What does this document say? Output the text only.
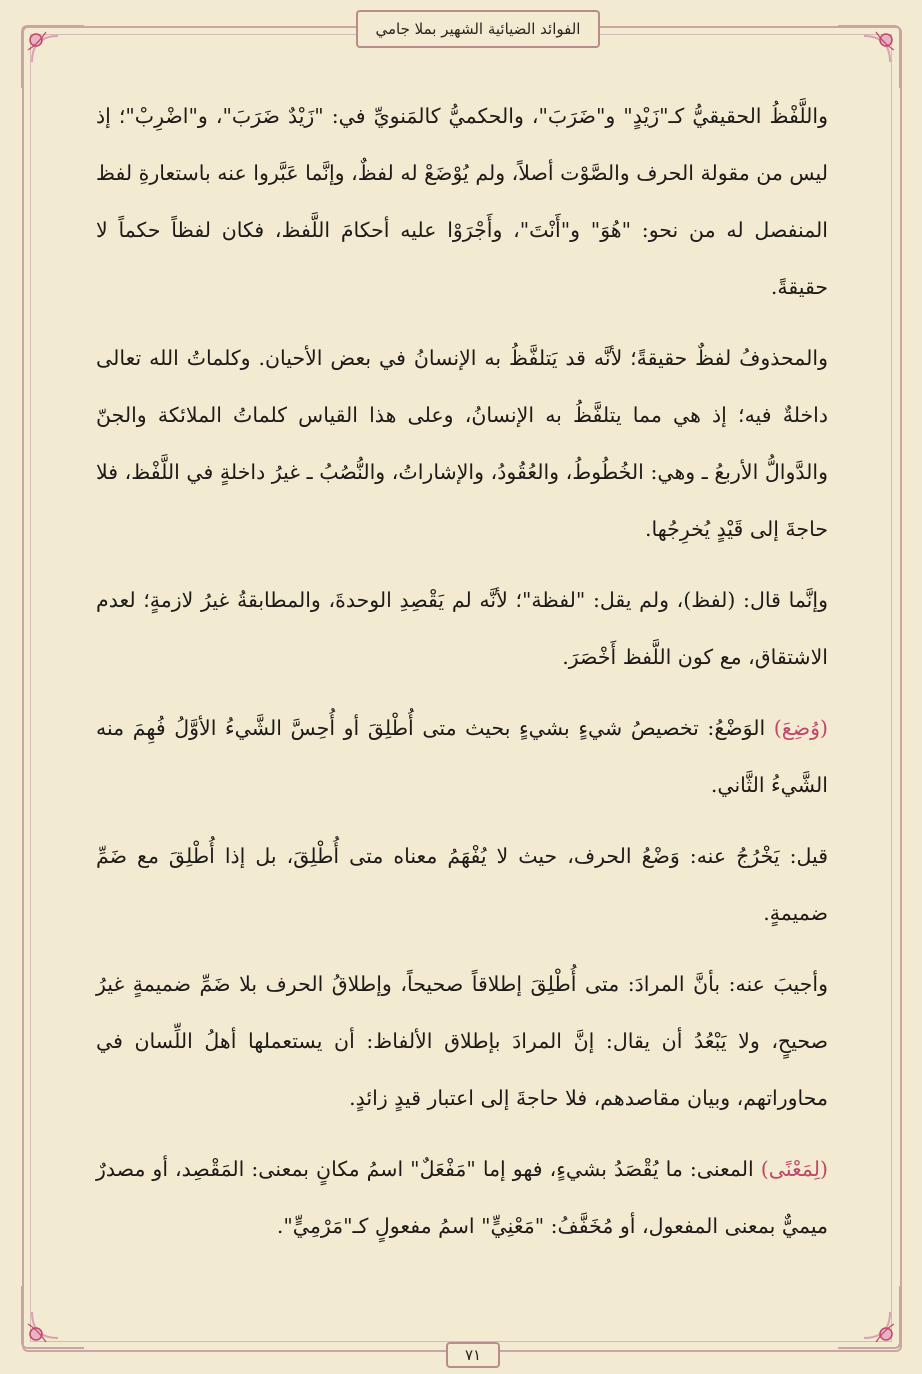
الفوائد الضيائية الشهير بملا جامي

واللَّفْظُ الحقيقيُّ كـ"زَيْدٍ" و"ضَرَبَ"، والحكميُّ كالمَنويِّ في: "زَيْدٌ ضَرَبَ"، و"اضْرِبْ"؛ إذ ليس من مقولة الحرف والصَّوْت أصلاً، ولم يُوْضَعْ له لفظٌ، وإنَّما عَبَّروا عنه باستعارةِ لفظ المنفصل له من نحو: "هُوَ" و"أَنْتَ"، وأَجْرَوْا عليه أحكامَ اللَّفظ، فكان لفظاً حكماً لا حقيقةً.

والمحذوفُ لفظٌ حقيقةً؛ لأنَّه قد يَتلفَّظُ به الإنسانُ في بعض الأحيان. وكلماتُ الله تعالى داخلةٌ فيه؛ إذ هي مما يتلفَّظُ به الإنسانُ، وعلى هذا القياس كلماتُ الملائكة والجنّ والدَّوالُّ الأربعُ ـ وهي: الخُطُوطُ، والعُقُودُ، والإشاراتُ، والنُّصُبُ ـ غيرُ داخلةٍ في اللَّفْظ، فلا حاجةَ إلى قَيْدٍ يُخرِجُها.

وإنَّما قال: (لفظ)، ولم يقل: "لفظة"؛ لأنَّه لم يَقْصِدِ الوحدةَ، والمطابقةُ غيرُ لازمةٍ؛ لعدم الاشتقاق، مع كون اللَّفظ أَخْصَرَ.

(وُضِعَ) الوَضْعُ: تخصيصُ شيءٍ بشيءٍ بحيث متى أُطْلِقَ أو أُحِسَّ الشَّيءُ الأوَّلُ فُهِمَ منه الشَّيءُ الثَّاني.

قيل: يَخْرُجُ عنه: وَضْعُ الحرف، حيث لا يُفْهَمُ معناه متى أُطْلِقَ، بل إذا أُطْلِقَ مع ضَمِّ ضميمةٍ.

وأجيبَ عنه: بأنَّ المرادَ: متى أُطْلِقَ إطلاقاً صحيحاً، وإطلاقُ الحرف بلا ضَمِّ ضميمةٍ غيرُ صحيحٍ، ولا يَبْعُدُ أن يقال: إنَّ المرادَ بإطلاق الألفاظ: أن يستعملها أهلُ اللِّسان في محاوراتهم، وبيان مقاصدهم، فلا حاجةَ إلى اعتبار قيدٍ زائدٍ.

(لِمَعْنًى) المعنى: ما يُقْصَدُ بشيءٍ، فهو إما "مَفْعَلٌ" اسمُ مكانٍ بمعنى: المَقْصِد، أو مصدرٌ ميميٌّ بمعنى المفعول، أو مُخَفَّفُ: "مَعْنِيٍّ" اسمُ مفعولٍ كـ"مَرْمِيٍّ".

٧١
